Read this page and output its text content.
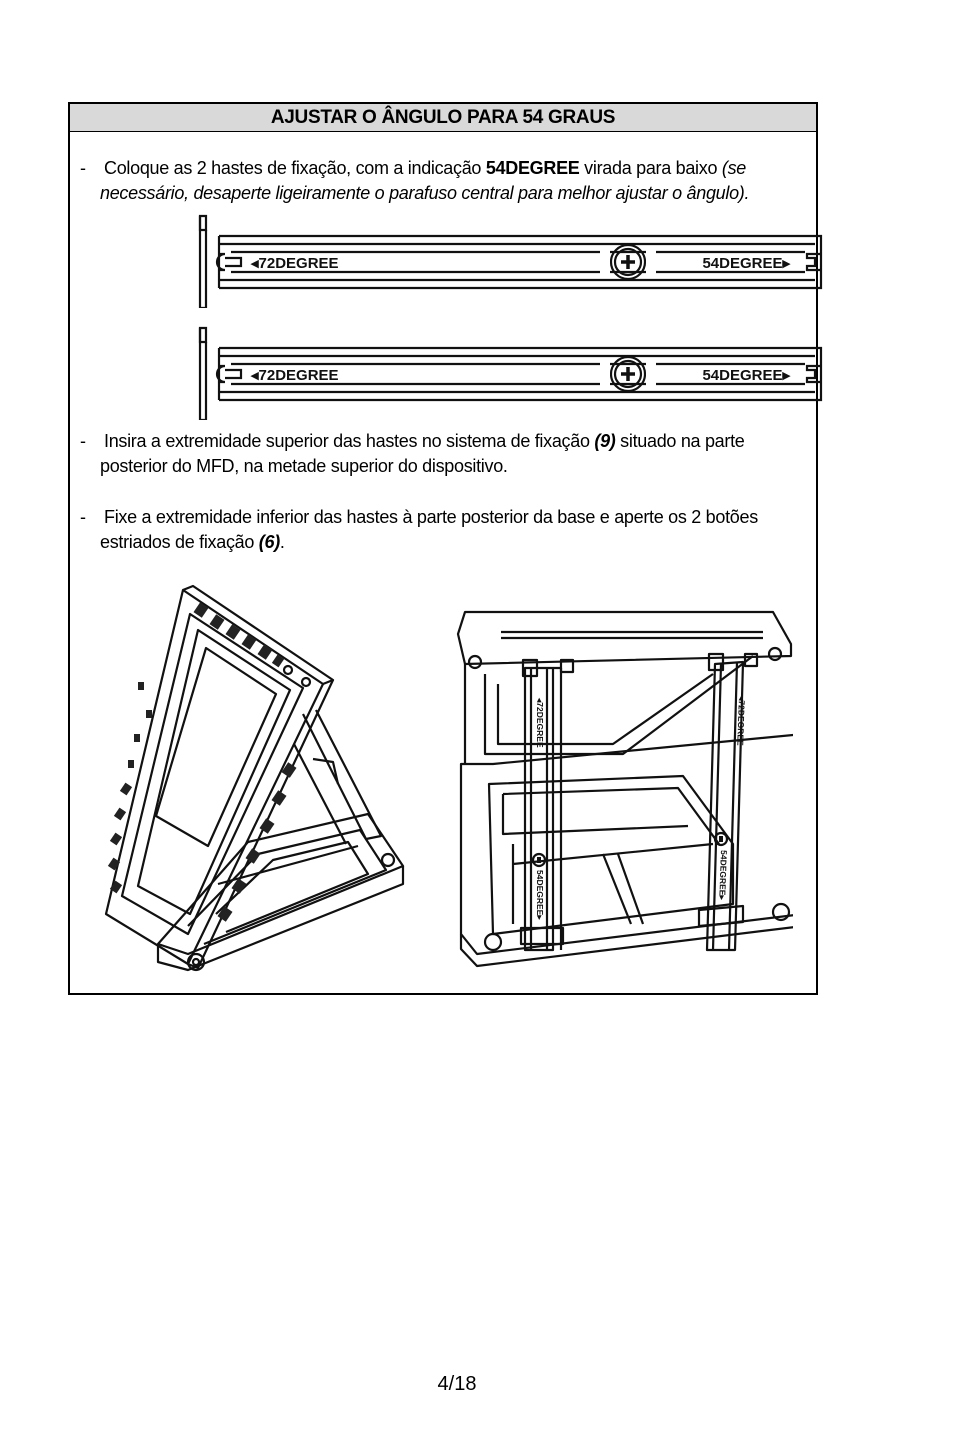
AJUSTAR O ÂNGULO PARA 54 GRAUS
-	Coloque as 2 hastes de fixação, com a indicação 54DEGREE virada para baixo (se necessário, desaperte ligeiramente o parafuso central para melhor ajustar o ângulo).
◂72DEGREE	54DEGREE▸
◂72DEGREE	54DEGREE▸
-	Insira a extremidade superior das hastes no sistema de fixação (9) situado na parte posterior do MFD, na metade superior do dispositivo.
-	Fixe a extremidade inferior das hastes à parte posterior da base e aperte os 2 botões estriados de fixação (6).
◂72DEGREE
54DEGREE▸
◂72DEGREE
54DEGREE▸
4/18
